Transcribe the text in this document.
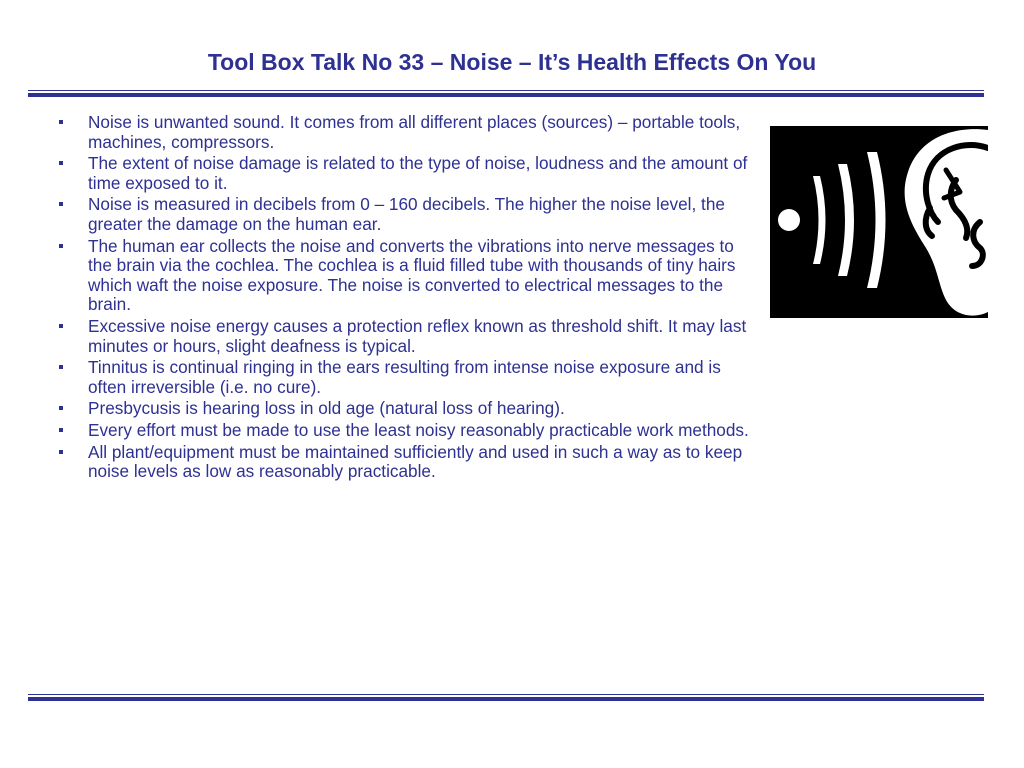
Tool Box Talk No 33 – Noise – It’s Health Effects On You
Noise is unwanted sound. It comes from all different places (sources) – portable tools, machines, compressors.
The extent of noise damage is related to the type of noise, loudness and the amount of time exposed to it.
Noise is measured in decibels from 0 – 160 decibels. The higher the noise level, the greater the damage on the human ear.
The human ear collects the noise and converts the vibrations into nerve messages to the brain via the cochlea. The cochlea is a fluid filled tube with thousands of tiny hairs which waft the noise exposure. The noise is converted to electrical messages to the brain.
Excessive noise energy causes a protection reflex known as threshold shift. It may last minutes or hours, slight deafness is typical.
Tinnitus is continual ringing in the ears resulting from intense noise exposure and is often irreversible (i.e. no cure).
Presbycusis is hearing loss in old age (natural loss of hearing).
Every effort must be made to use the least noisy reasonably practicable work methods.
All plant/equipment must be maintained sufficiently and used in such a way as to keep noise levels as low as reasonably practicable.
